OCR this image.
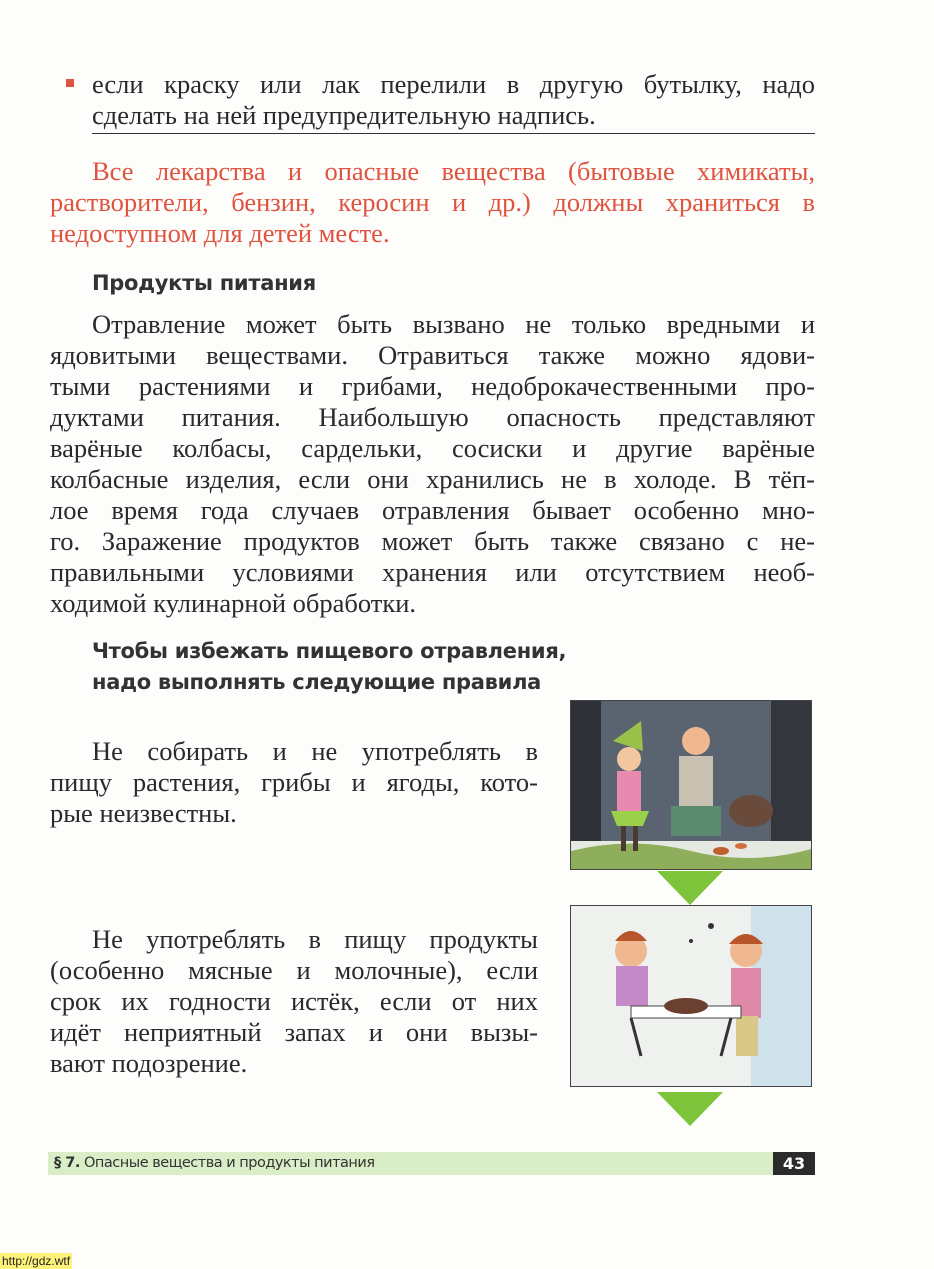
если краску или лак перелили в другую бутылку, надо
сделать на ней предупредительную надпись.
Все лекарства и опасные вещества (бытовые химикаты,
растворители, бензин, керосин и др.) должны храниться в
недоступном для детей месте.
Продукты питания
Отравление может быть вызвано не только вредными и
ядовитыми веществами. Отравиться также можно ядови-
тыми растениями и грибами, недоброкачественными про-
дуктами питания. Наибольшую опасность представляют
варёные колбасы, сардельки, сосиски и другие варёные
колбасные изделия, если они хранились не в холоде. В тёп-
лое время года случаев отравления бывает особенно мно-
го. Заражение продуктов может быть также связано с не-
правильными условиями хранения или отсутствием необ-
ходимой кулинарной обработки.
Чтобы избежать пищевого отравления,
надо выполнять следующие правила
Не собирать и не употреблять в
пищу растения, грибы и ягоды, кото-
рые неизвестны.
Не употреблять в пищу продукты
(особенно мясные и молочные), если
срок их годности истёк, если от них
идёт неприятный запах и они вызы-
вают подозрение.
§ 7. Опасные вещества и продукты питания	43
http://gdz.wtf
